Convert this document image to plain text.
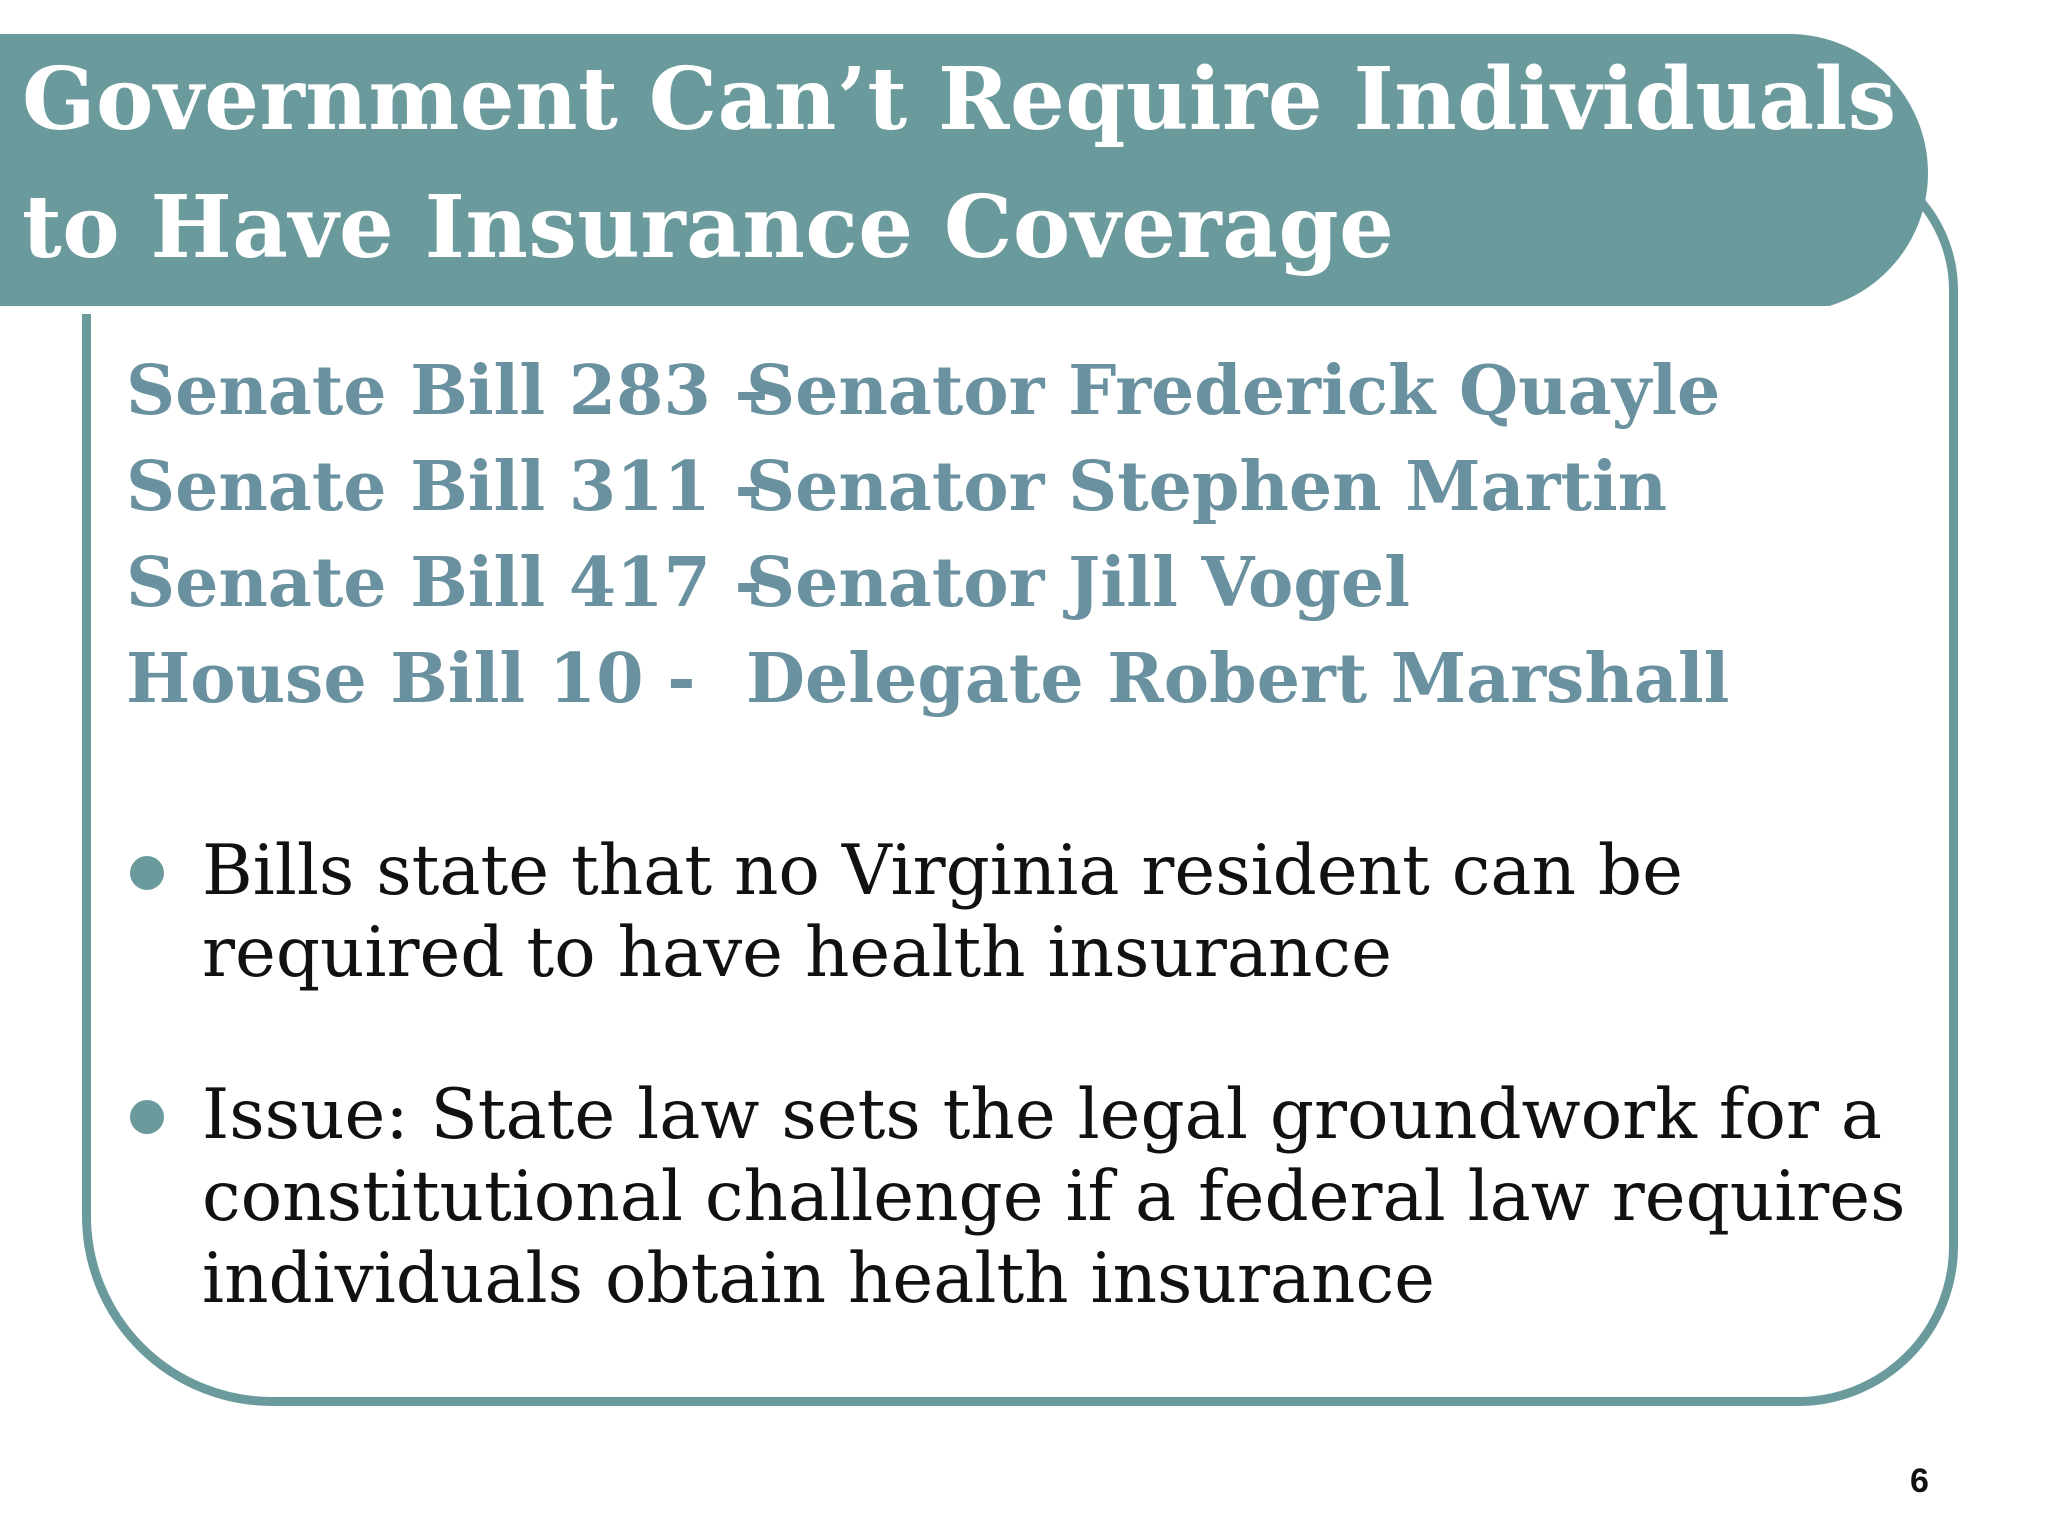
Government Can’t Require Individuals
to Have Insurance Coverage
Senate Bill 283 –
Senator Frederick Quayle
Senate Bill 311 -
Senator Stephen Martin
Senate Bill 417 -
Senator Jill Vogel
House Bill 10 - Delegate Robert Marshall
Bills state that no Virginia resident can be required to have health insurance
Issue: State law sets the legal groundwork for a constitutional challenge if a federal law requires individuals obtain health insurance
6
